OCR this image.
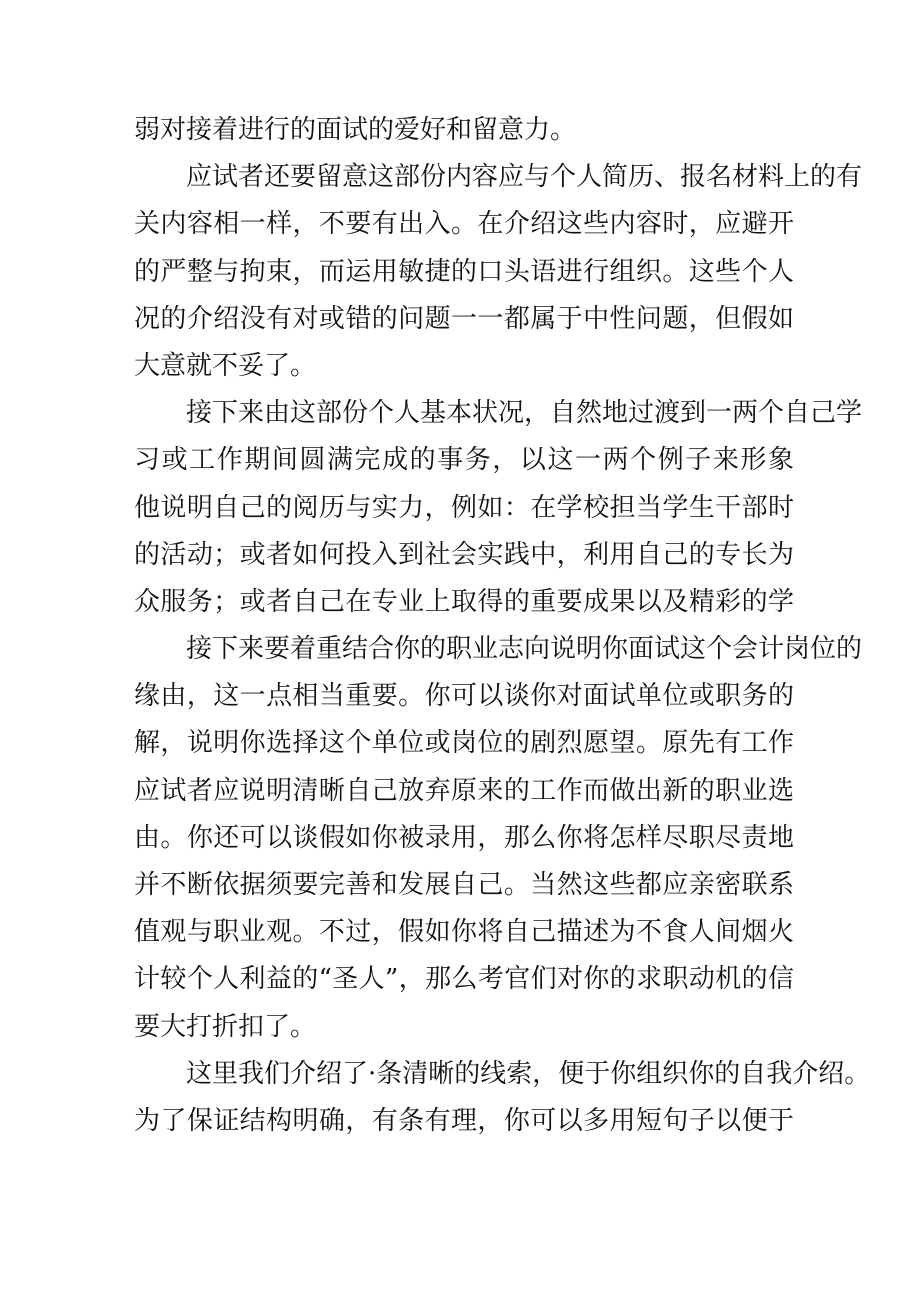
弱对接着进行的面试的爱好和留意力。
应试者还要留意这部份内容应与个人简历、报名材料上的有
关内容相一样，不要有出入。在介绍这些内容时，应避开
的严整与拘束，而运用敏捷的口头语进行组织。这些个人
况的介绍没有对或错的问题一一都属于中性问题，但假如
大意就不妥了。
接下来由这部份个人基本状况，自然地过渡到一两个自己学
习或工作期间圆满完成的事务，以这一两个例子来形象
他说明自己的阅历与实力，例如：在学校担当学生干部时
的活动；或者如何投入到社会实践中，利用自己的专长为
众服务；或者自己在专业上取得的重要成果以及精彩的学
接下来要着重结合你的职业志向说明你面试这个会计岗位的
缘由，这一点相当重要。你可以谈你对面试单位或职务的
解，说明你选择这个单位或岗位的剧烈愿望。原先有工作
应试者应说明清晰自己放弃原来的工作而做出新的职业选
由。你还可以谈假如你被录用，那么你将怎样尽职尽责地
并不断依据须要完善和发展自己。当然这些都应亲密联系
值观与职业观。不过，假如你将自己描述为不食人间烟火
计较个人利益的“圣人”，那么考官们对你的求职动机的信
要大打折扣了。
这里我们介绍了·条清晰的线索，便于你组织你的自我介绍。
为了保证结构明确，有条有理，你可以多用短句子以便于
